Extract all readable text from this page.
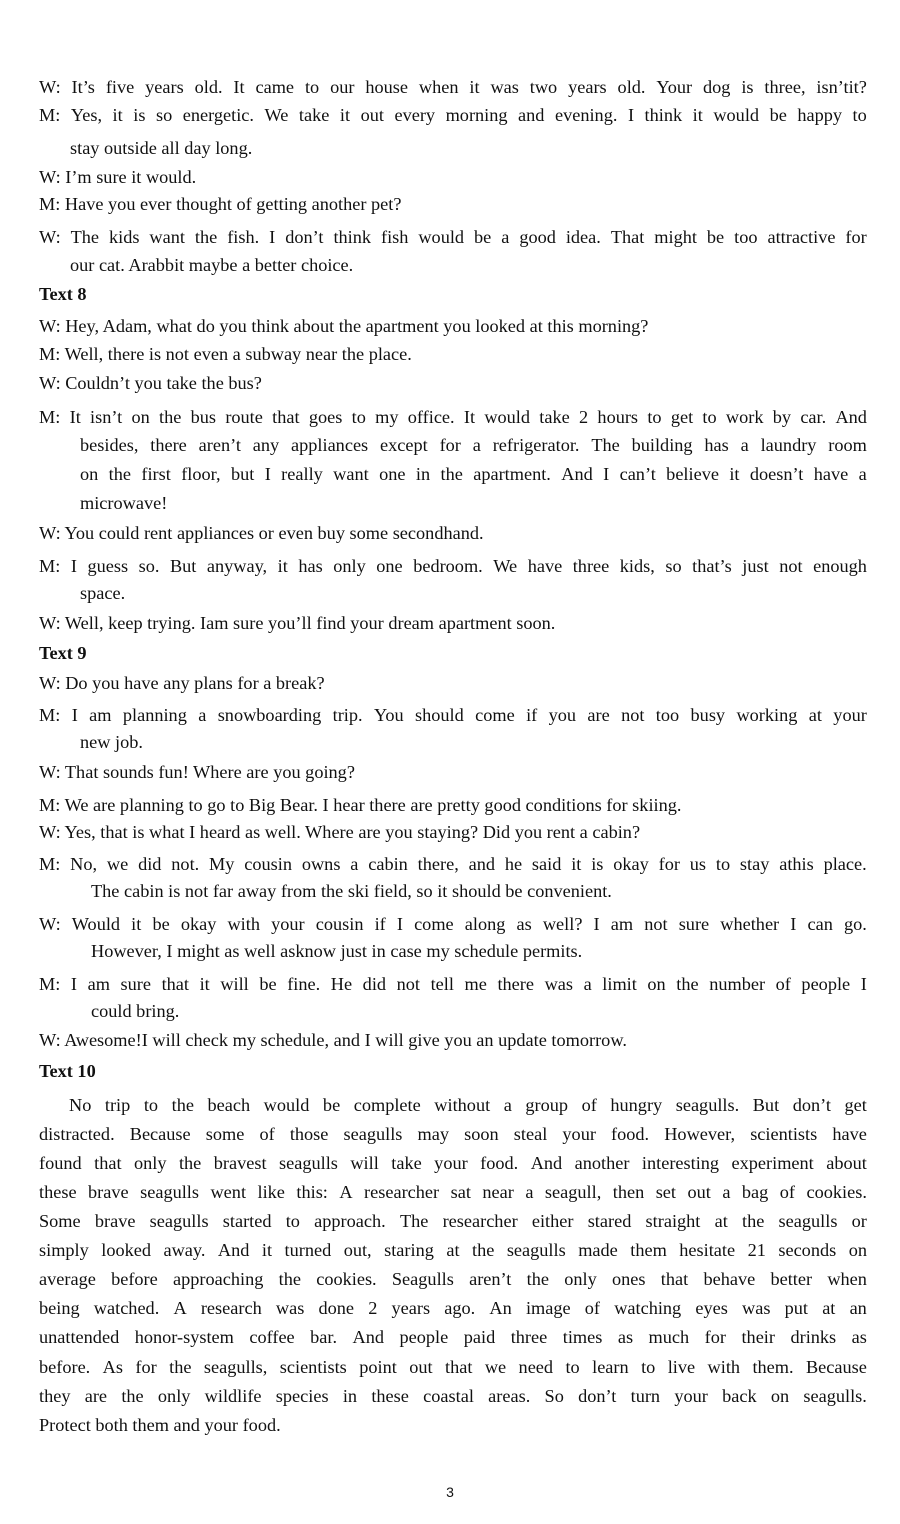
W: It’s five years old. It came to our house when it was two years old. Your dog is three, isn’tit?
M: Yes, it is so energetic. We take it out every morning and evening. I think it would be happy to
stay outside all day long.
W: I’m sure it would.
M: Have you ever thought of getting another pet?
W: The kids want the fish. I don’t think fish would be a good idea. That might be too attractive for
our cat. Arabbit maybe a better choice.
Text 8
W: Hey, Adam, what do you think about the apartment you looked at this morning?
M: Well, there is not even a subway near the place.
W: Couldn’t you take the bus?
M: It isn’t on the bus route that goes to my office. It would take 2 hours to get to work by car. And
besides, there aren’t any appliances except for a refrigerator. The building has a laundry room
on the first floor, but I really want one in the apartment. And I can’t believe it doesn’t have a
microwave!
W: You could rent appliances or even buy some secondhand.
M: I guess so. But anyway, it has only one bedroom. We have three kids, so that’s just not enough
space.
W: Well, keep trying. Iam sure you’ll find your dream apartment soon.
Text 9
W: Do you have any plans for a break?
M: I am planning a snowboarding trip. You should come if you are not too busy working at your
new job.
W: That sounds fun! Where are you going?
M: We are planning to go to Big Bear. I hear there are pretty good conditions for skiing.
W: Yes, that is what I heard as well. Where are you staying? Did you rent a cabin?
M: No, we did not. My cousin owns a cabin there, and he said it is okay for us to stay athis place.
The cabin is not far away from the ski field, so it should be convenient.
W: Would it be okay with your cousin if I come along as well? I am not sure whether I can go.
However, I might as well asknow just in case my schedule permits.
M: I am sure that it will be fine. He did not tell me there was a limit on the number of people I
could bring.
W: Awesome!I will check my schedule, and I will give you an update tomorrow.
Text 10
No trip to the beach would be complete without a group of hungry seagulls. But don’t get
distracted. Because some of those seagulls may soon steal your food. However, scientists have
found that only the bravest seagulls will take your food. And another interesting experiment about
these brave seagulls went like this: A researcher sat near a seagull, then set out a bag of cookies.
Some brave seagulls started to approach. The researcher either stared straight at the seagulls or
simply looked away. And it turned out, staring at the seagulls made them hesitate 21 seconds on
average before approaching the cookies. Seagulls aren’t the only ones that behave better when
being watched. A research was done 2 years ago. An image of watching eyes was put at an
unattended honor-system coffee bar. And people paid three times as much for their drinks as
before. As for the seagulls, scientists point out that we need to learn to live with them. Because
they are the only wildlife species in these coastal areas. So don’t turn your back on seagulls.
Protect both them and your food.
3
